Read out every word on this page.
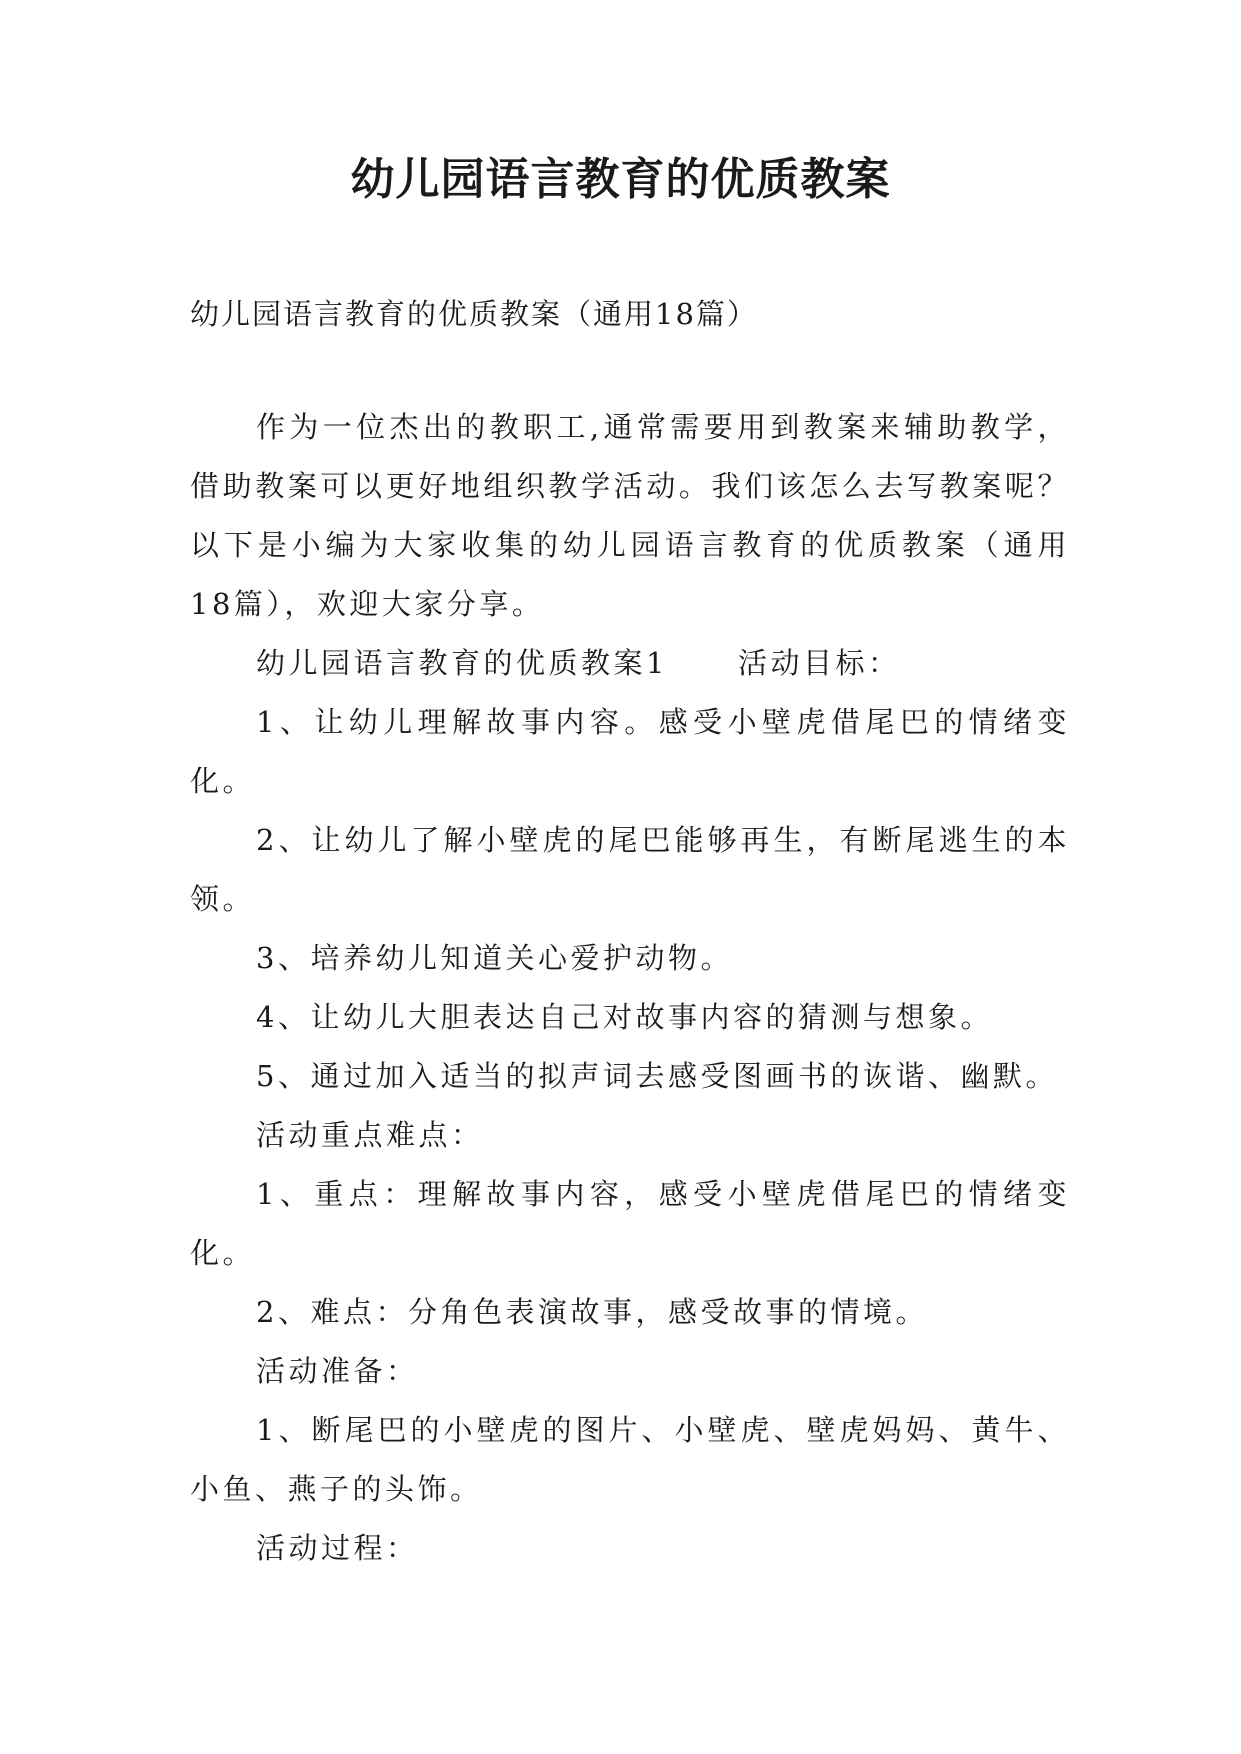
幼儿园语言教育的优质教案

幼儿园语言教育的优质教案（通用18篇）

作为一位杰出的教职工,通常需要用到教案来辅助教学，借助教案可以更好地组织教学活动。我们该怎么去写教案呢？以下是小编为大家收集的幼儿园语言教育的优质教案（通用18篇），欢迎大家分享。

幼儿园语言教育的优质教案1 活动目标：

1、让幼儿理解故事内容。感受小壁虎借尾巴的情绪变化。

2、让幼儿了解小壁虎的尾巴能够再生，有断尾逃生的本领。

3、培养幼儿知道关心爱护动物。

4、让幼儿大胆表达自己对故事内容的猜测与想象。

5、通过加入适当的拟声词去感受图画书的诙谐、幽默。

活动重点难点：

1、重点：理解故事内容，感受小壁虎借尾巴的情绪变化。

2、难点：分角色表演故事，感受故事的情境。

活动准备：

1、断尾巴的小壁虎的图片、小壁虎、壁虎妈妈、黄牛、小鱼、燕子的头饰。

活动过程：
